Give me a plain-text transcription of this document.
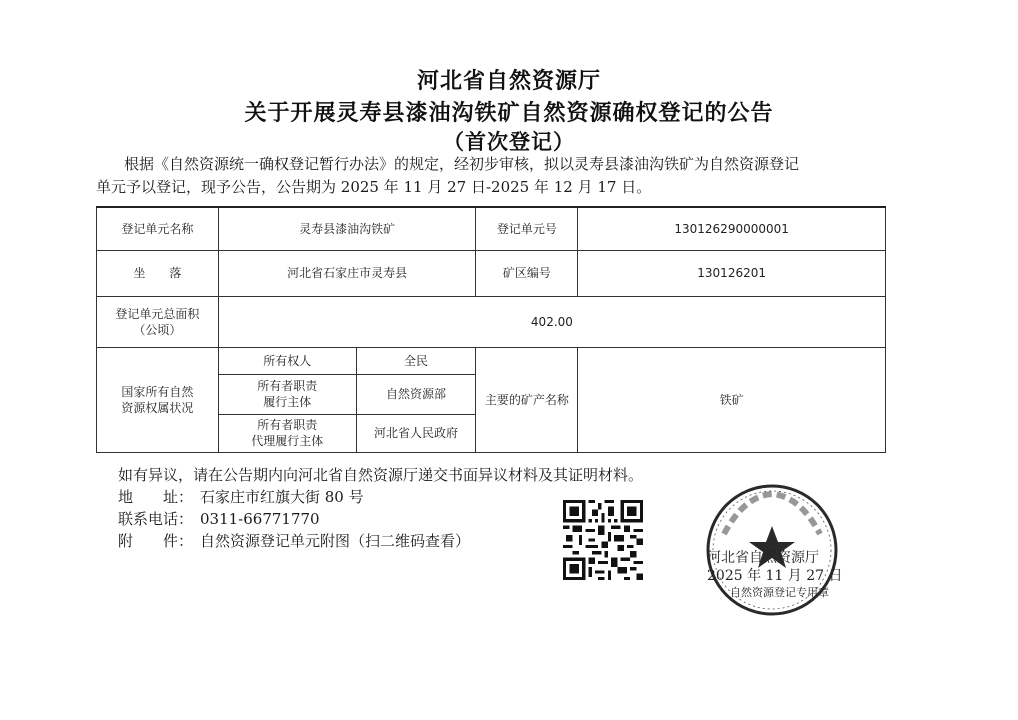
河北省自然资源厅
关于开展灵寿县漆油沟铁矿自然资源确权登记的公告
（首次登记）
根据《自然资源统一确权登记暂行办法》的规定，经初步审核，拟以灵寿县漆油沟铁矿为自然资源登记
单元予以登记，现予公告，公告期为 2025 年 11 月 27 日-2025 年 12 月 17 日。
登记单元名称	灵寿县漆油沟铁矿		登记单元号	130126290000001
坐　　落	河北省石家庄市灵寿县		矿区编号	130126201

登记单元总面积
（公顷）	402.00			

国家所有自然
资源权属状况	所有权人	全民	主要的矿产名称	铁矿

	所有者职责
履行主体	自然资源部		

	所有者职责
代理履行主体	河北省人民政府		
如有异议，请在公告期内向河北省自然资源厅递交书面异议材料及其证明材料。
地　　址： 石家庄市红旗大街 80 号
联系电话： 0311-66771770
附　　件： 自然资源登记单元附图（扫二维码查看）
河北省自然资源厅
2025 年 11 月 27 日
自然资源登记专用章
